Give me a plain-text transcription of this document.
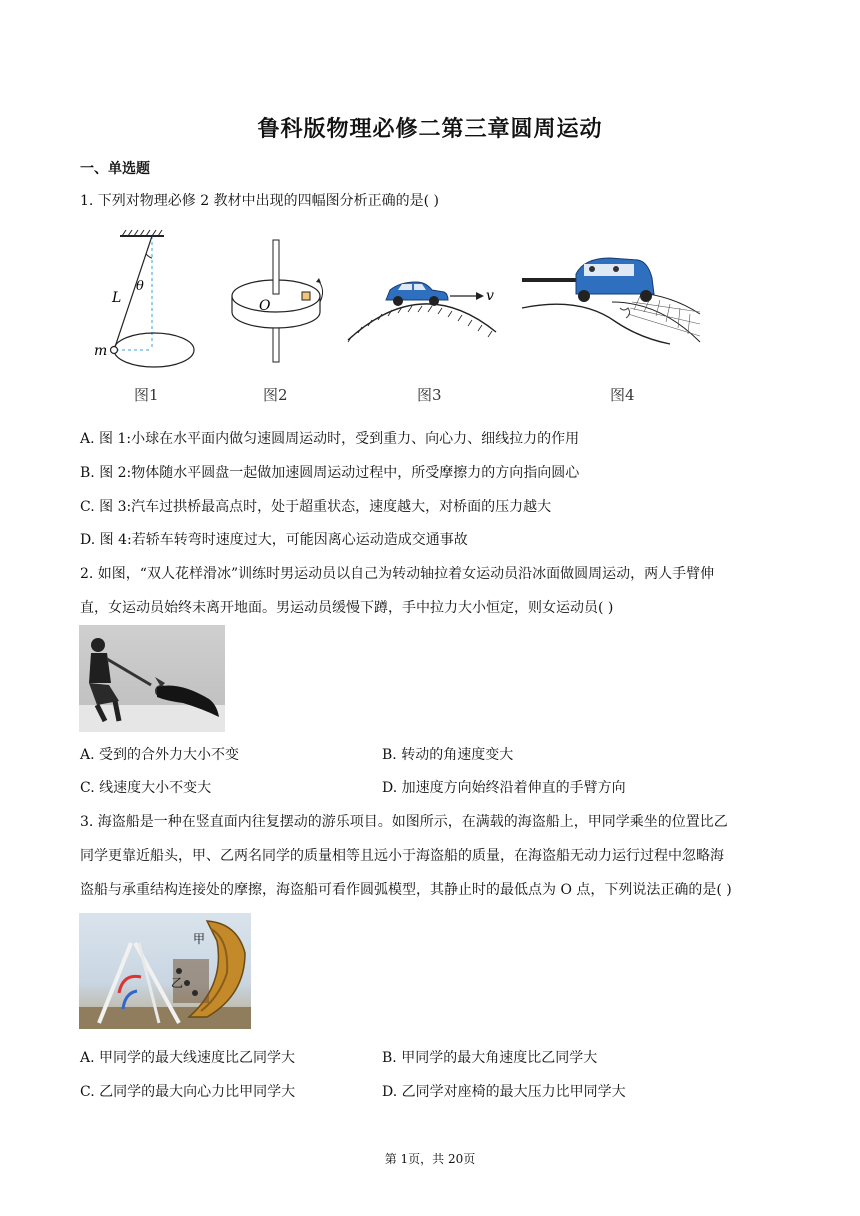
鲁科版物理必修二第三章圆周运动
一、单选题
1. 下列对物理必修 2 教材中出现的四幅图分析正确的是( )
L
θ
m
O
v
图1	图2	图3	图4
A. 图 1:小球在水平面内做匀速圆周运动时，受到重力、向心力、细线拉力的作用
B. 图 2:物体随水平圆盘一起做加速圆周运动过程中，所受摩擦力的方向指向圆心
C. 图 3:汽车过拱桥最高点时，处于超重状态，速度越大，对桥面的压力越大
D. 图 4:若轿车转弯时速度过大，可能因离心运动造成交通事故
2. 如图，“双人花样滑冰”训练时男运动员以自己为转动轴拉着女运动员沿冰面做圆周运动，两人手臂伸
直，女运动员始终未离开地面。男运动员缓慢下蹲，手中拉力大小恒定，则女运动员( )
A. 受到的合外力大小不变	B. 转动的角速度变大
C. 线速度大小不变大	D. 加速度方向始终沿着伸直的手臂方向
3. 海盗船是一种在竖直面内往复摆动的游乐项目。如图所示，在满载的海盗船上，甲同学乘坐的位置比乙
同学更靠近船头，甲、乙两名同学的质量相等且远小于海盗船的质量，在海盗船无动力运行过程中忽略海
盗船与承重结构连接处的摩擦，海盗船可看作圆弧模型，其静止时的最低点为 O 点，下列说法正确的是( )
甲
乙
A. 甲同学的最大线速度比乙同学大	B. 甲同学的最大角速度比乙同学大
C. 乙同学的最大向心力比甲同学大	D. 乙同学对座椅的最大压力比甲同学大
第 1页，共 20页
